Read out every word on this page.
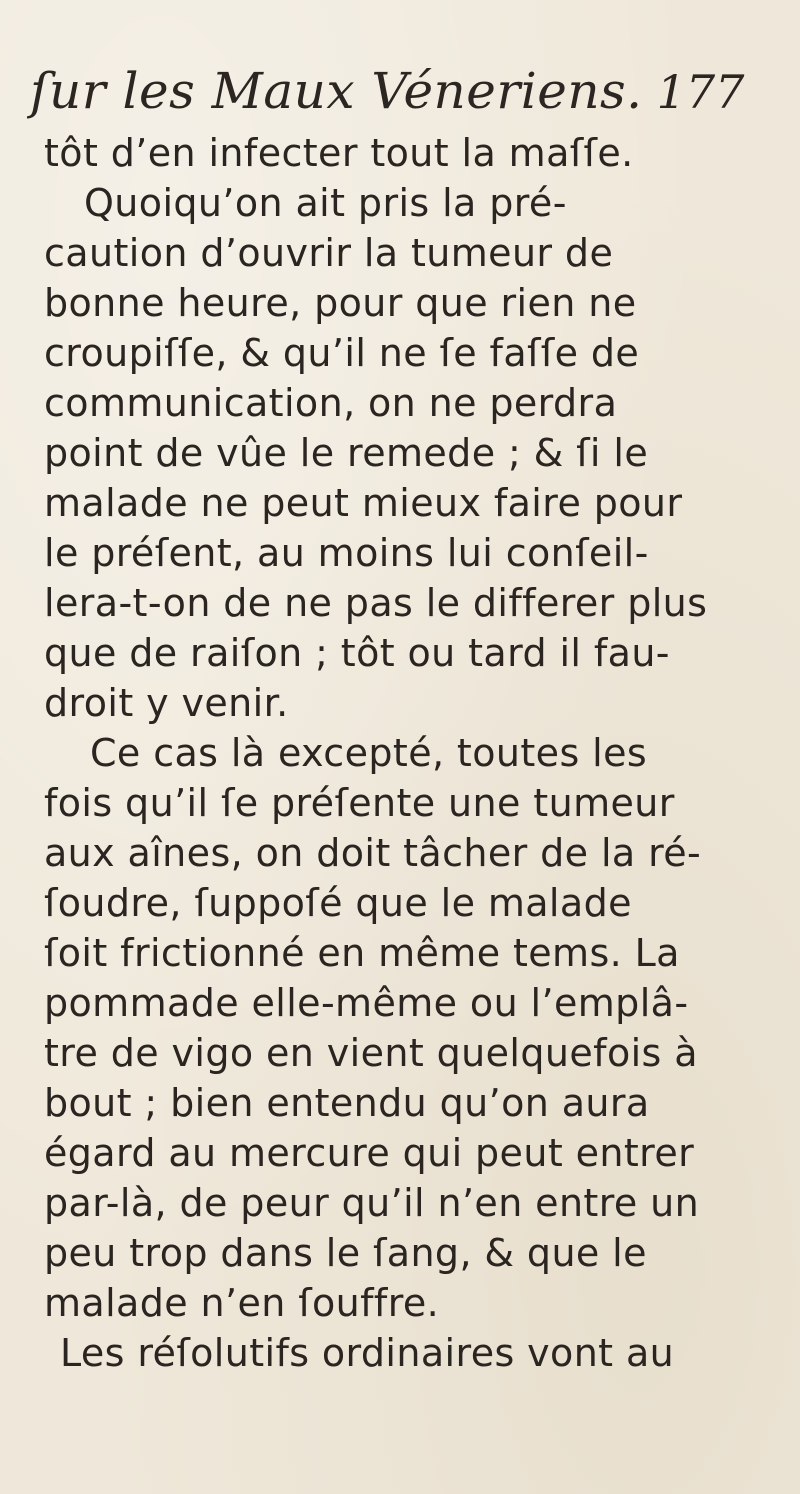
ſur les Maux Véneriens. 177
tôt d’en infecter tout la maſſe.
Quoiqu’on ait pris la pré-
caution d’ouvrir la tumeur de
bonne heure, pour que rien ne
croupiſſe, & qu’il ne ſe faſſe de
communication, on ne perdra
point de vûe le remede ; & ſi le
malade ne peut mieux faire pour
le préſent, au moins lui conſeil-
lera-t-on de ne pas le differer plus
que de raiſon ; tôt ou tard il fau-
droit y venir.
Ce cas là excepté, toutes les
fois qu’il ſe préſente une tumeur
aux aînes, on doit tâcher de la ré-
ſoudre, ſuppoſé que le malade
ſoit frictionné en même tems. La
pommade elle-même ou l’emplâ-
tre de vigo en vient quelquefois à
bout ; bien entendu qu’on aura
égard au mercure qui peut entrer
par-là, de peur qu’il n’en entre un
peu trop dans le ſang, & que le
malade n’en ſouffre.
Les réſolutifs ordinaires vont au
